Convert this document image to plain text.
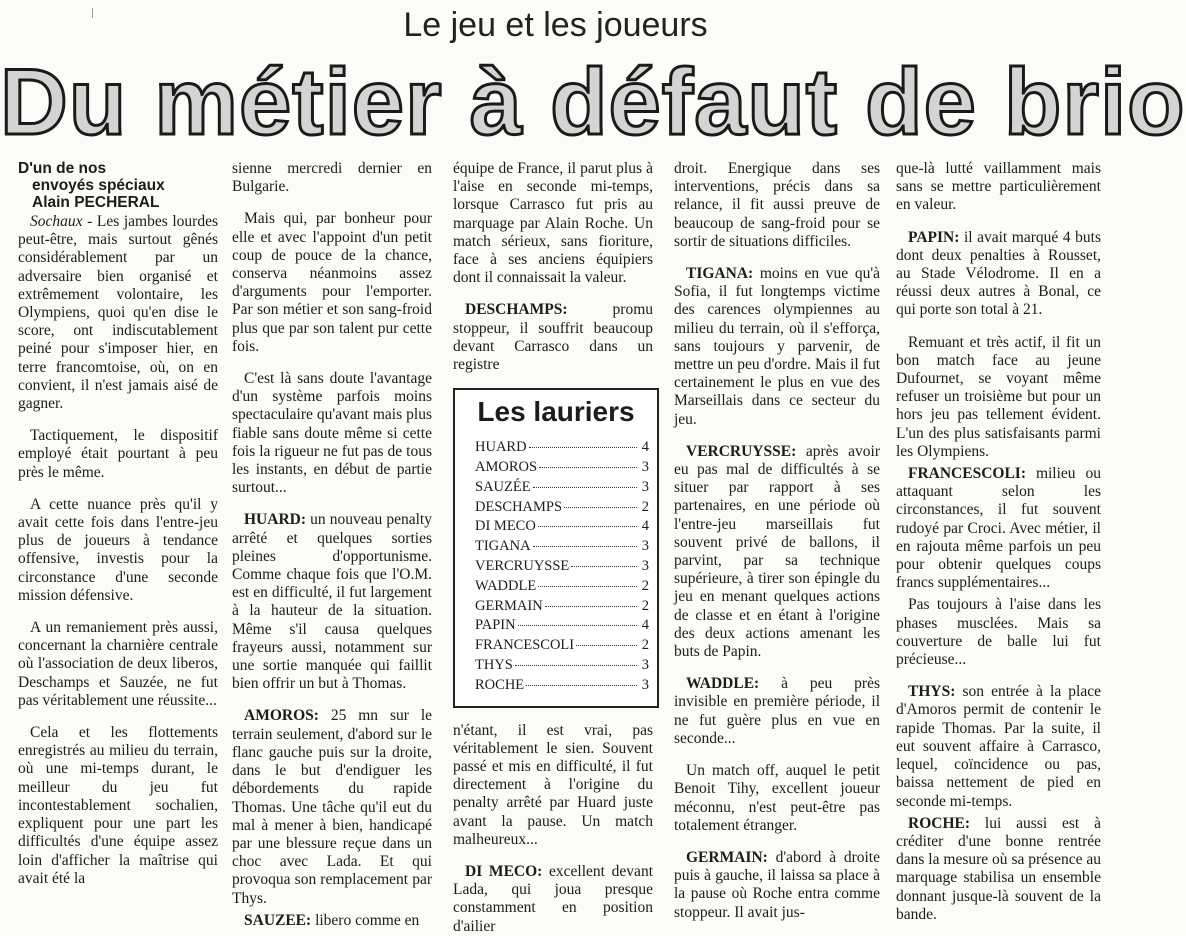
Le jeu et les joueurs
Du métier à défaut de brio
D'un de nos
envoyés spéciaux
Alain PECHERAL

Sochaux - Les jambes lourdes peut-être, mais surtout gênés considérablement par un adversaire bien organisé et extrêmement volontaire, les Olympiens, quoi qu'en dise le score, ont indiscutablement peiné pour s'imposer hier, en terre francomtoise, où, on en convient, il n'est jamais aisé de gagner.

Tactiquement, le dispositif employé était pourtant à peu près le même.

A cette nuance près qu'il y avait cette fois dans l'entre-jeu plus de joueurs à tendance offensive, investis pour la circonstance d'une seconde mission défensive.

A un remaniement près aussi, concernant la charnière centrale où l'association de deux liberos, Deschamps et Sauzée, ne fut pas véritablement une réussite...

Cela et les flottements enregistrés au milieu du terrain, où une mi-temps durant, le meilleur du jeu fut incontestablement sochalien, expliquent pour une part les difficultés d'une équipe assez loin d'afficher la maîtrise qui avait été la

sienne mercredi dernier en Bulgarie.

Mais qui, par bonheur pour elle et avec l'appoint d'un petit coup de pouce de la chance, conserva néanmoins assez d'arguments pour l'emporter. Par son métier et son sang-froid plus que par son talent pur cette fois.

C'est là sans doute l'avantage d'un système parfois moins spectaculaire qu'avant mais plus fiable sans doute même si cette fois la rigueur ne fut pas de tous les instants, en début de partie surtout...

HUARD: un nouveau penalty arrêté et quelques sorties pleines d'opportunisme. Comme chaque fois que l'O.M. est en difficulté, il fut largement à la hauteur de la situation. Même s'il causa quelques frayeurs aussi, notamment sur une sortie manquée qui faillit bien offrir un but à Thomas.

AMOROS: 25 mn sur le terrain seulement, d'abord sur le flanc gauche puis sur la droite, dans le but d'endiguer les débordements du rapide Thomas. Une tâche qu'il eut du mal à mener à bien, handicapé par une blessure reçue dans un choc avec Lada. Et qui provoqua son remplacement par Thys.

SAUZEE: libero comme en

équipe de France, il parut plus à l'aise en seconde mi-temps, lorsque Carrasco fut pris au marquage par Alain Roche. Un match sérieux, sans fioriture, face à ses anciens équipiers dont il connaissait la valeur.

DESCHAMPS: promu stoppeur, il souffrit beaucoup devant Carrasco dans un registre

Les lauriers
HUARD	4
AMOROS	3
SAUZÉE	3
DESCHAMPS	2
DI MECO	4
TIGANA	3
VERCRUYSSE	3
WADDLE	2
GERMAIN	2
PAPIN	4
FRANCESCOLI	2
THYS	3
ROCHE	3

n'étant, il est vrai, pas véritablement le sien. Souvent passé et mis en difficulté, il fut directement à l'origine du penalty arrêté par Huard juste avant la pause. Un match malheureux...

DI MECO: excellent devant Lada, qui joua presque constamment en position d'ailier

droit. Energique dans ses interventions, précis dans sa relance, il fit aussi preuve de beaucoup de sang-froid pour se sortir de situations difficiles.

TIGANA: moins en vue qu'à Sofia, il fut longtemps victime des carences olympiennes au milieu du terrain, où il s'efforça, sans toujours y parvenir, de mettre un peu d'ordre. Mais il fut certainement le plus en vue des Marseillais dans ce secteur du jeu.

VERCRUYSSE: après avoir eu pas mal de difficultés à se situer par rapport à ses partenaires, en une période où l'entre-jeu marseillais fut souvent privé de ballons, il parvint, par sa technique supérieure, à tirer son épingle du jeu en menant quelques actions de classe et en étant à l'origine des deux actions amenant les buts de Papin.

WADDLE: à peu près invisible en première période, il ne fut guère plus en vue en seconde...

Un match off, auquel le petit Benoit Tihy, excellent joueur méconnu, n'est peut-être pas totalement étranger.

GERMAIN: d'abord à droite puis à gauche, il laissa sa place à la pause où Roche entra comme stoppeur. Il avait jus-

que-là lutté vaillamment mais sans se mettre particulièrement en valeur.

PAPIN: il avait marqué 4 buts dont deux penalties à Rousset, au Stade Vélodrome. Il en a réussi deux autres à Bonal, ce qui porte son total à 21.

Remuant et très actif, il fit un bon match face au jeune Dufournet, se voyant même refuser un troisième but pour un hors jeu pas tellement évident. L'un des plus satisfaisants parmi les Olympiens.

FRANCESCOLI: milieu ou attaquant selon les circonstances, il fut souvent rudoyé par Croci. Avec métier, il en rajouta même parfois un peu pour obtenir quelques coups francs supplémentaires...

Pas toujours à l'aise dans les phases musclées. Mais sa couverture de balle lui fut précieuse...

THYS: son entrée à la place d'Amoros permit de contenir le rapide Thomas. Par la suite, il eut souvent affaire à Carrasco, lequel, coïncidence ou pas, baissa nettement de pied en seconde mi-temps.

ROCHE: lui aussi est à créditer d'une bonne rentrée dans la mesure où sa présence au marquage stabilisa un ensemble donnant jusque-là souvent de la bande.
